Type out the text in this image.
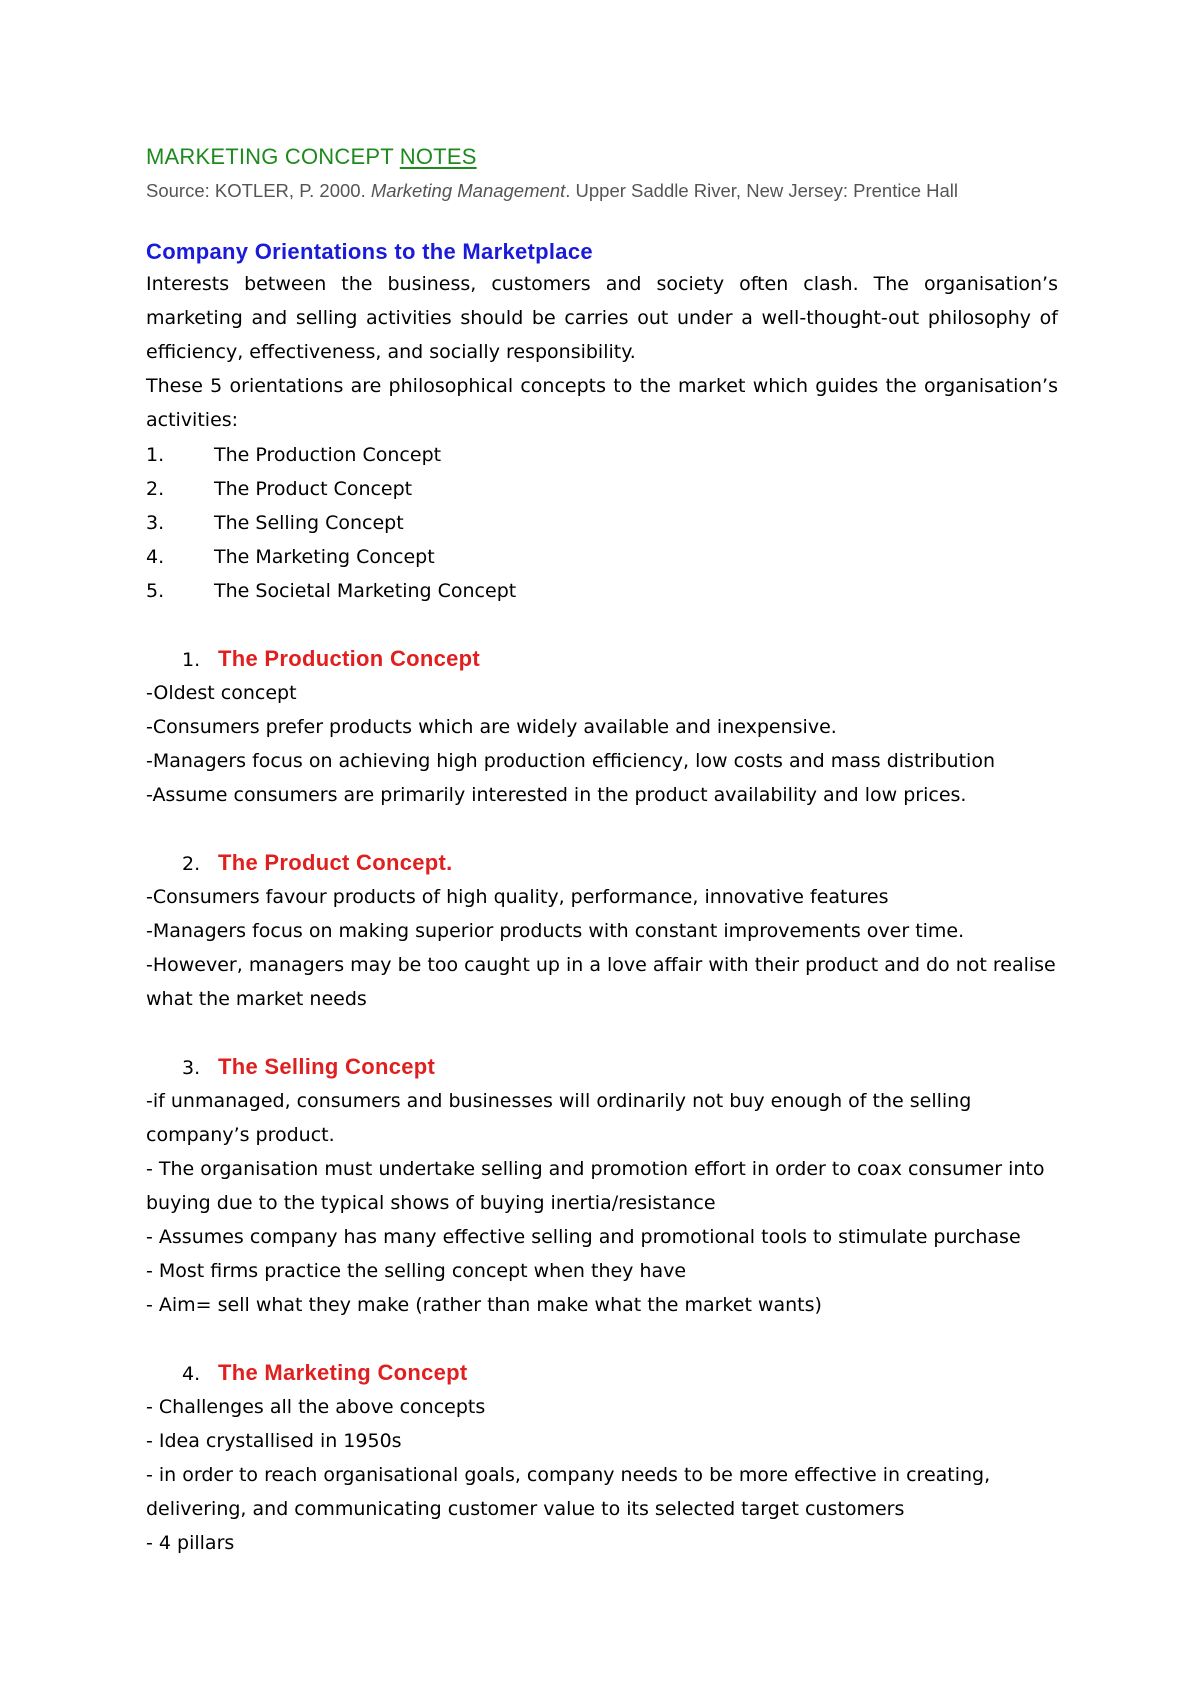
MARKETING CONCEPT NOTES
Source: KOTLER, P. 2000. Marketing Management. Upper Saddle River, New Jersey: Prentice Hall
Company Orientations to the Marketplace

Interests between the business, customers and society often clash. The organisation’s marketing and selling activities should be carries out under a well-thought-out philosophy of efficiency, effectiveness, and socially responsibility.

These 5 orientations are philosophical concepts to the market which guides the organisation’s activities:

1.	The Production Concept
2.	The Product Concept
3.	The Selling Concept
4.	The Marketing Concept
5.	The Societal Marketing Concept
1. The Production Concept

-Oldest concept

-Consumers prefer products which are widely available and inexpensive.

-Managers focus on achieving high production efficiency, low costs and mass distribution

-Assume consumers are primarily interested in the product availability and low prices.

2. The Product Concept.

-Consumers favour products of high quality, performance, innovative features

-Managers focus on making superior products with constant improvements over time.

-However, managers may be too caught up in a love affair with their product and do not realise what the market needs

3. The Selling Concept

-if unmanaged, consumers and businesses will ordinarily not buy enough of the selling company’s product.

- The organisation must undertake selling and promotion effort in order to coax consumer into buying due to the typical shows of buying inertia/resistance

- Assumes company has many effective selling and promotional tools to stimulate purchase

- Most firms practice the selling concept when they have

- Aim= sell what they make (rather than make what the market wants)

4. The Marketing Concept

- Challenges all the above concepts

- Idea crystallised in 1950s

- in order to reach organisational goals, company needs to be more effective in creating, delivering, and communicating customer value to its selected target customers

- 4 pillars
